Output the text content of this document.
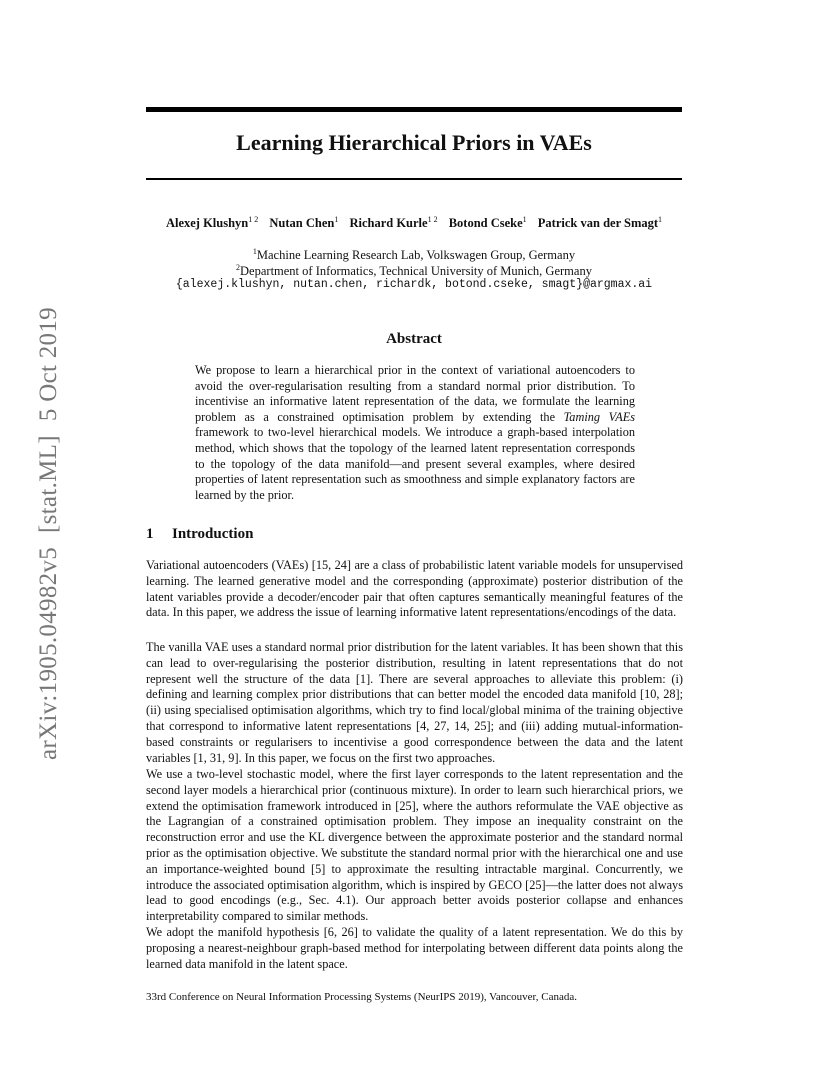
arXiv:1905.04982v5[stat.ML]5 Oct 2019
Learning Hierarchical Priors in VAEs
Alexej Klushyn$^{1 2}$ Nutan Chen$^1$ Richard Kurle$^{1 2}$ Botond Cseke$^1$ Patrick van der Smagt$^1$
$^1$Machine Learning Research Lab, Volkswagen Group, Germany
$^2$Department of Informatics, Technical University of Munich, Germany
{alexej.klushyn, nutan.chen, richardk, botond.cseke, smagt}@argmax.ai
Abstract
We propose to learn a hierarchical prior in the context of variational autoencoders to avoid the over-regularisation resulting from a standard normal prior distribution. To incentivise an informative latent representation of the data, we formulate the learning problem as a constrained optimisation problem by extending the Taming VAEs framework to two-level hierarchical models. We introduce a graph-based interpolation method, which shows that the topology of the learned latent representation corresponds to the topology of the data manifold—and present several examples, where desired properties of latent representation such as smoothness and simple explanatory factors are learned by the prior.
1 Introduction

Variational autoencoders (VAEs) [15, 24] are a class of probabilistic latent variable models for unsupervised learning. The learned generative model and the corresponding (approximate) posterior distribution of the latent variables provide a decoder/encoder pair that often captures semantically meaningful features of the data. In this paper, we address the issue of learning informative latent representations/encodings of the data.

The vanilla VAE uses a standard normal prior distribution for the latent variables. It has been shown that this can lead to over-regularising the posterior distribution, resulting in latent representations that do not represent well the structure of the data [1]. There are several approaches to alleviate this problem: (i) defining and learning complex prior distributions that can better model the encoded data manifold [10, 28]; (ii) using specialised optimisation algorithms, which try to find local/global minima of the training objective that correspond to informative latent representations [4, 27, 14, 25]; and (iii) adding mutual-information-based constraints or regularisers to incentivise a good correspondence between the data and the latent variables [1, 31, 9]. In this paper, we focus on the first two approaches.

We use a two-level stochastic model, where the first layer corresponds to the latent representation and the second layer models a hierarchical prior (continuous mixture). In order to learn such hierarchical priors, we extend the optimisation framework introduced in [25], where the authors reformulate the VAE objective as the Lagrangian of a constrained optimisation problem. They impose an inequality constraint on the reconstruction error and use the KL divergence between the approximate posterior and the standard normal prior as the optimisation objective. We substitute the standard normal prior with the hierarchical one and use an importance-weighted bound [5] to approximate the resulting intractable marginal. Concurrently, we introduce the associated optimisation algorithm, which is inspired by GECO [25]—the latter does not always lead to good encodings (e.g., Sec. 4.1). Our approach better avoids posterior collapse and enhances interpretability compared to similar methods.

We adopt the manifold hypothesis [6, 26] to validate the quality of a latent representation. We do this by proposing a nearest-neighbour graph-based method for interpolating between different data points along the learned data manifold in the latent space.

33rd Conference on Neural Information Processing Systems (NeurIPS 2019), Vancouver, Canada.
